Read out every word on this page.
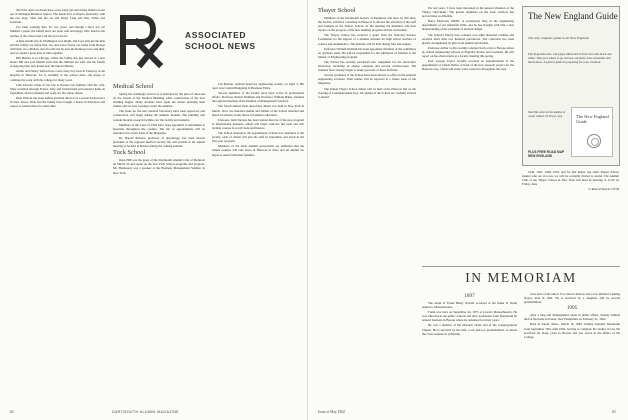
that Fritz and Cora Keen have a new baby girl who hides father's books out of Michigan Business School. The Keens live at Wayne, Kentucky, with the two dogs, Silas and the cat and Ricky Lang and Mrs. Fuller and Gertrude.

I've been working here for two years, and though I have not yet finished a paper, the family and I are quite well and happy. Mrs. Keen is the teacher of the school and I am the local doctor.

A nine-month stay in Washington was bright, and Cora tells me the kids and the family are doing fine. Joe and Carol Taylor are home from Boston with their two children, and Joe tells me he sees the Ramseys now and then, and we spend a great deal of time together.

Bill Hartley is in Chicago, where the family has just moved to a new home. Bill and Lois Merrill write that the children are well, and the family is enjoying their new house near the lake in Illinois.

Arthur and Nancy Tobias have a new baby boy born in February at the hospital in Hanover. Art is teaching at the school there and hopes to continue his work with the college for many years.

John Parsons writes of his trip to Europe last summer with his wife. They travelled through France, Italy and Switzerland and returned home in September, much refreshed and ready for the winter ahead.

Dick Walcott has been named assistant director of a research laboratory in New Jersey. Dick and his family have bought a house in Princeton and expect to remain there for some time.

ASSOCIATED
SCHOOL NEWS

Medical School

Spring has seemingly arrived as is indicated by the piles of mud and by the advent of the Medical Building when construction of the new building begins. Many students have spent the winter pursuing their studies and are now looking toward the summer.

The plans for the new medical laboratory have been approved, and construction will begin during the summer months. The building will contain modern research facilities for the faculty and students.

Members of the Class of 1963 have been appointed to internships at hospitals throughout the country. The list of appointments will be announced in a later issue of the Magazine.

Dr. Harold Roberts, professor of physiology, has been elected president of the regional medical society. He will preside at the annual meeting to be held in Boston during the coming autumn.

Tuck School

Dean Hill was the guest of the Dartmouth Alumni Club of Montreal on March 23 and spoke on the new Tuck School programs and progress. Mr. Hennessey was a speaker at the Business Management Seminar in New York.

Chi Epsilon, national honorary engineering society, on April 3. His topic was Capital Budgeting in Business Firms.

Several members of the faculty have been active in professional affairs. Professor Robert Dunham and Professor William Baker attended the regional meeting of the Institute of Management Sciences.

The fourth annual Tuck Associates dinner was held in New York in March. Over two hundred alumni and friends of the School attended and heard an address on the future of business education.

Professor John Stevens has been named director of the new program in international business, which will begin with the fall term and will include courses in world trade and finance.

The School announces the appointment of three new members to the faculty, each of whom will join the staff in September and teach in the first-year program.

Members of the Tuck Alumni Association are reminded that the annual reunion will take place in Hanover in June, and all alumni are urged to attend with their families.

62	DARTMOUTH ALUMNI MAGAZINE

Thayer School

Members of the Dartmouth Society of Engineers will have by this time, the Society will have a meeting in Hanover to discuss the activities of the staff and students in the Thayer School. At the meeting the members will hear reports on the progress of the new building program and the curriculum.

The Thayer School has received a grant from the National Science Foundation for the support of a summer institute for high school teachers of science and mathematics. The institute will be held during July and August.

Professor William Kimball has been appointed chairman of the committee on graduate study. He will be responsible for the admission of students to the Master of Engineering program.

The School has recently purchased new equipment for the electronics laboratory, including an analog computer and several oscilloscopes. The students have already begun to make good use of these facilities.

Several graduates of the School have been elected to office in the national engineering societies. Their names will be reported in a future issue of the Magazine.

The annual Thayer School dinner will be held at the Hanover Inn on the evening of Commencement Day. All alumni of the School are cordially invited to attend.

For ten years, 'I have been interested in the general situation of the Thayer curriculum.' The greater emphasis on the basic sciences has proved most worthwhile.

Barry MacLean, MESE, is extensively busy in the engineering departments of our industrial firms, and he has brought with him a new understanding of the problems of modern design.

The School's library now contains over eight thousand volumes and receives more than two hundred periodicals. The collection has been greatly strengthened by gifts from alumni and friends.

Professor Arthur Colby recently returned from a trip to Europe where he visited engineering schools in England, France and Germany. He will report on his observations at a faculty meeting this spring.

Prof. George Taylor recently received an announcement of the appointment of Chuck Weber as head of the new research project for the Hanover area, which will study water resources throughout the state.

The New England Guide
The only complete guide to all New England.
Full magazine size. 144 pages illustrated in full color and black and white. Tells you where to go and see, auctions, fairs, museums and much more. A perfect guide in preparing for your vacation.
Send this order for the number of copies wanted, $1.50 per copy.	The New England Guide
PLUS FREE ROAD MAP NEW ENGLAND

1940, 1947, 1948, 1952, and for that matter any other Thayer School alumni who are in town, we will be cordially invited to attend. The Alumni Club of the Thayer School in New York will hold its meeting at 12:30 on Friday, June

S. Russell Stearns CE'38

IN MEMORIAM

1897

The death of Frank Henry Nowell occurred at his home in North Andover, Massachusetts.

Frank was born on September 24, 1875 at Lowell, Massachusetts. He was educated in the public schools and after graduation from Dartmouth he entered business in Boston where he remained for many years.

He was a member of the Masonic Order and of the Congregational Church. He is survived by his wife, a son and two grandchildren, to whom the Class extends its sympathy.

were born of the union. Two died in infancy and a son, Richard Cushing Noyes, died in 1941. He is survived by a daughter, and by several grandchildren.

1905

After a long and distinguished career in public affairs, Stanley Gilman died at his home in Exeter, New Hampshire on February 21, 1962.

Born in Salem, Mass., March 16, 1883, Stanley attended Dartmouth from September 1901 until 1904, leaving to complete his studies in law. He practiced for many years in Boston and was active in the affairs of the College.

Issue of May 1962	63
